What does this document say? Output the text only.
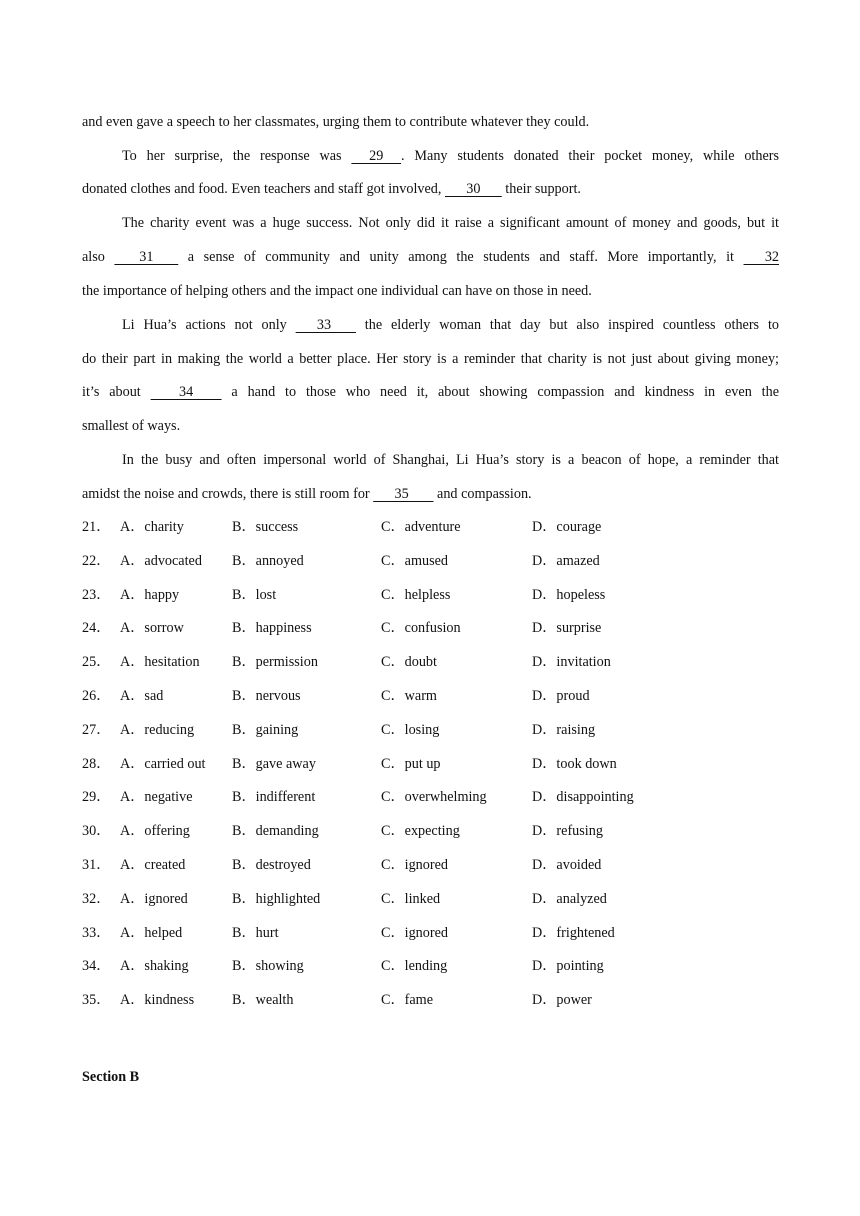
and even gave a speech to her classmates, urging them to contribute whatever they could.
To her surprise, the response was      29     . Many students donated their pocket money, while others
donated clothes and food. Even teachers and staff got involved,       30       their support.
The charity event was a huge success. Not only did it raise a significant amount of money and goods, but it
also        31        a sense of community and unity among the students and staff. More importantly, it       32
the importance of helping others and the impact one individual can have on those in need.
Li Hua’s actions not only       33        the elderly woman that day but also inspired countless others to
do their part in making the world a better place. Her story is a reminder that charity is not just about giving money;
it’s about         34         a hand to those who need it, about showing compassion and kindness in even the
smallest of ways.
In the busy and often impersonal world of Shanghai, Li Hua’s story is a beacon of hope, a reminder that
amidst the noise and crowds, there is still room for       35        and compassion.
21． A．charity	B．success	C．adventure	D．courage
22． A．advocated B．annoyed	C．amused	D．amazed
23． A．happy	B．lost	C．helpless	D．hopeless
24． A．sorrow	B．happiness	C．confusion	D．surprise
25． A．hesitation B．permission	C．doubt	D．invitation
26． A．sad	B．nervous	C．warm	D．proud
27． A．reducing	B．gaining	C．losing	D．raising
28． A．carried out B．gave away	C．put up	D．took down
29． A．negative	B．indifferent	C．overwhelming	D．disappointing
30． A．offering	B．demanding	C．expecting	D．refusing
31． A．created	B．destroyed	C．ignored	D．avoided
32． A．ignored	B．highlighted	C．linked	D．analyzed
33． A．helped	B．hurt	C．ignored	D．frightened
34． A．shaking	B．showing	C．lending	D．pointing
35． A．kindness	B．wealth	C．fame	D．power
Section B
